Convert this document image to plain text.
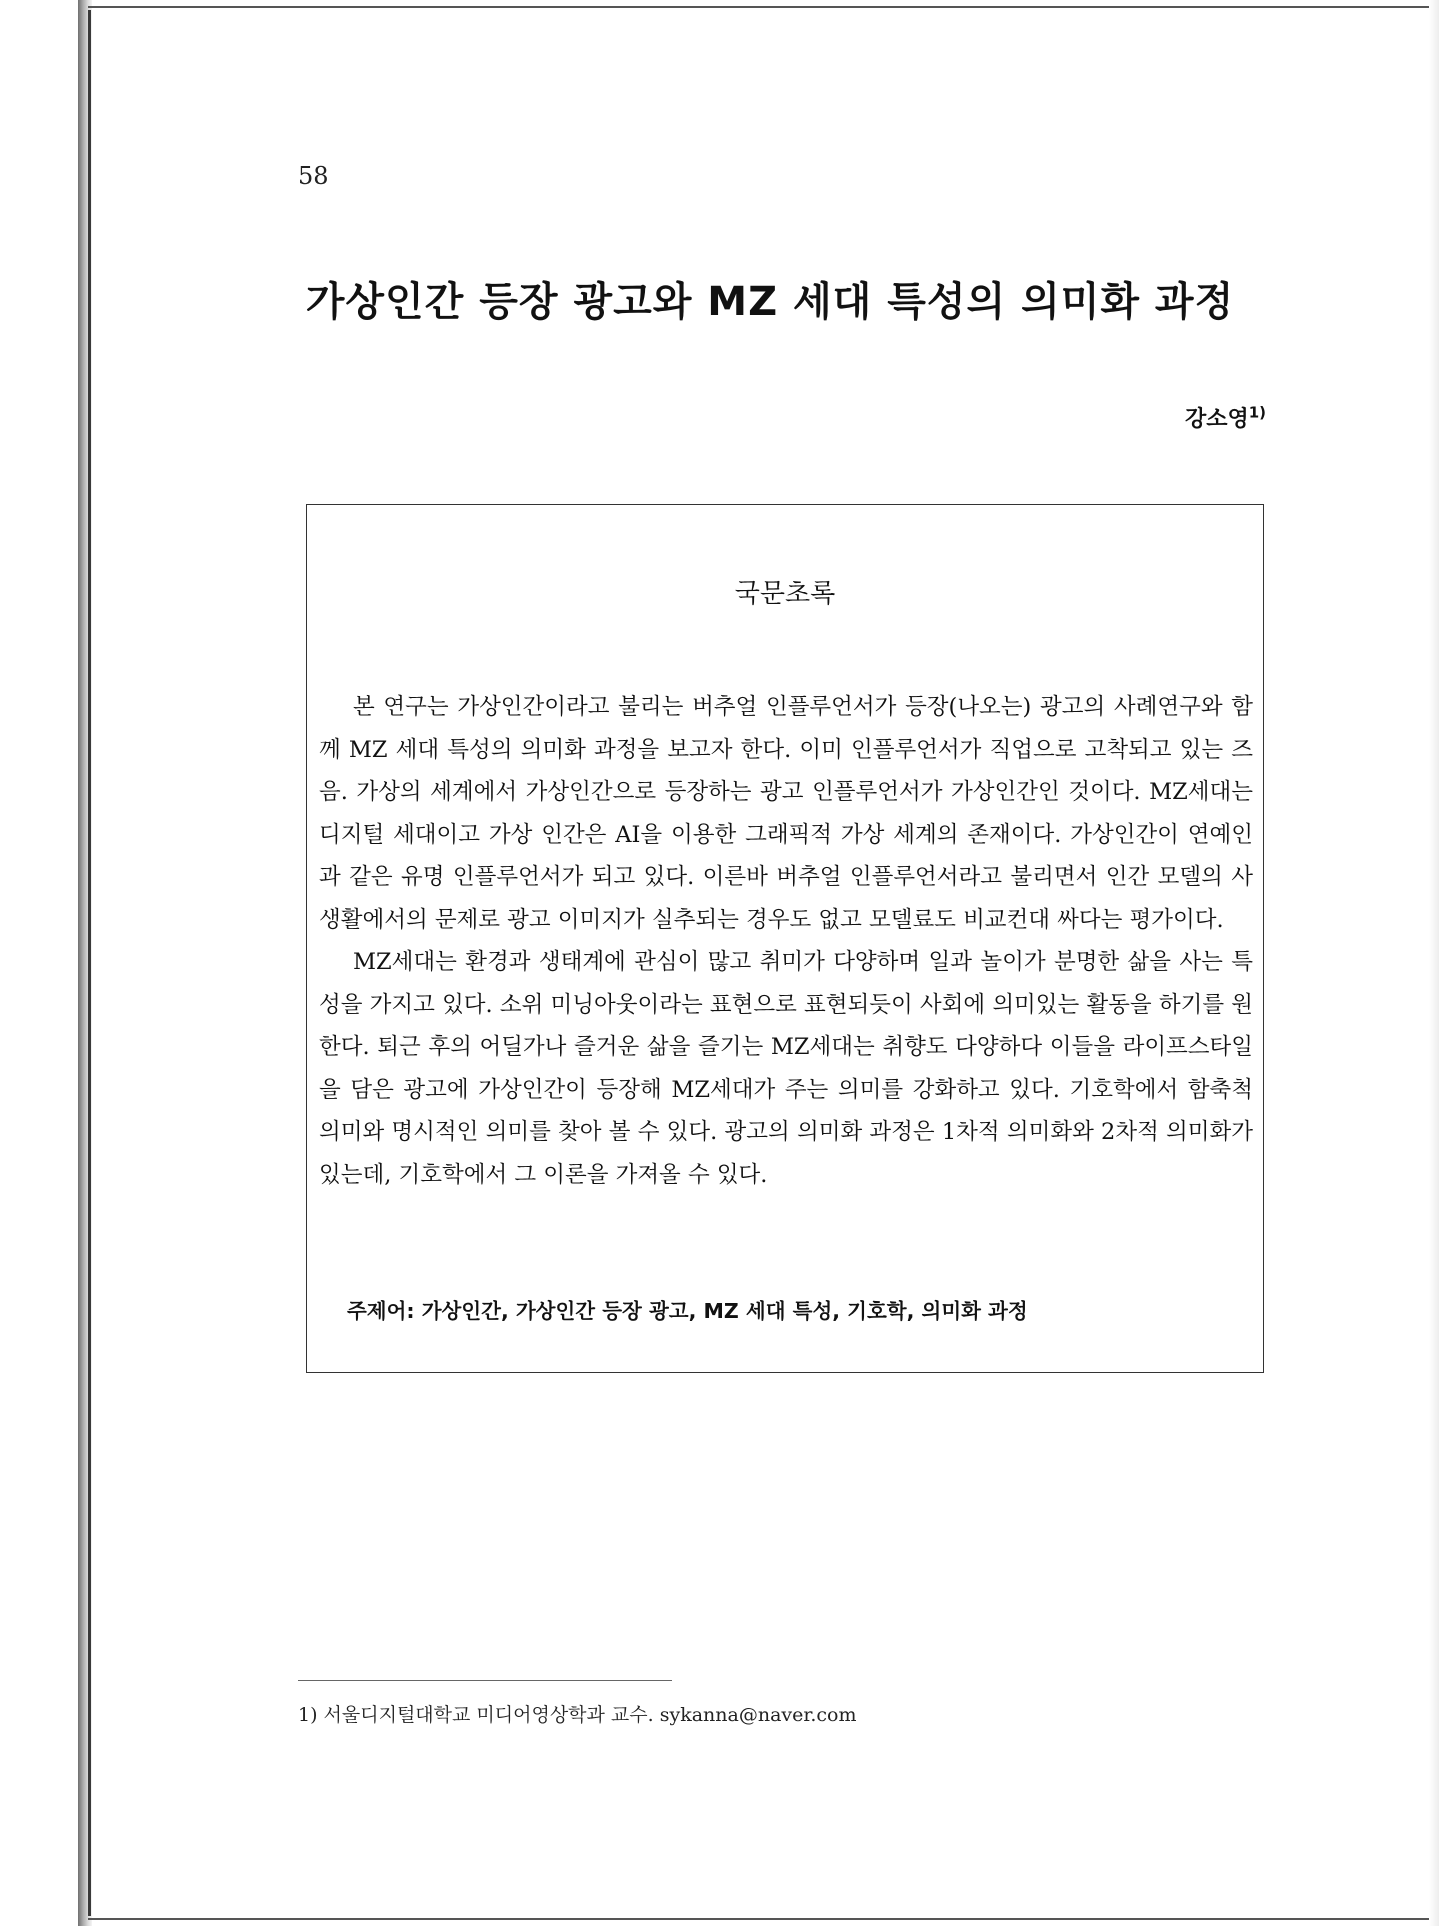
58
가상인간 등장 광고와 MZ 세대 특성의 의미화 과정
강소영$^{1)}$
국문초록

본 연구는 가상인간이라고 불리는 버추얼 인플루언서가 등장(나오는) 광고의 사례연구와 함께 MZ 세대 특성의 의미화 과정을 보고자 한다. 이미 인플루언서가 직업으로 고착되고 있는 즈음. 가상의 세계에서 가상인간으로 등장하는 광고 인플루언서가 가상인간인 것이다. MZ세대는 디지털 세대이고 가상 인간은 AI을 이용한 그래픽적 가상 세계의 존재이다. 가상인간이 연예인과 같은 유명 인플루언서가 되고 있다. 이른바 버추얼 인플루언서라고 불리면서 인간 모델의 사생활에서의 문제로 광고 이미지가 실추되는 경우도 없고 모델료도 비교컨대 싸다는 평가이다.

MZ세대는 환경과 생태계에 관심이 많고 취미가 다양하며 일과 놀이가 분명한 삶을 사는 특성을 가지고 있다. 소위 미닝아웃이라는 표현으로 표현되듯이 사회에 의미있는 활동을 하기를 원한다. 퇴근 후의 어딜가나 즐거운 삶을 즐기는 MZ세대는 취향도 다양하다 이들을 라이프스타일을 담은 광고에 가상인간이 등장해 MZ세대가 주는 의미를 강화하고 있다. 기호학에서 함축척 의미와 명시적인 의미를 찾아 볼 수 있다. 광고의 의미화 과정은 1차적 의미화와 2차적 의미화가 있는데, 기호학에서 그 이론을 가져올 수 있다.

주제어: 가상인간, 가상인간 등장 광고, MZ 세대 특성, 기호학, 의미화 과정
1) 서울디지털대학교 미디어영상학과 교수. sykanna@naver.com
